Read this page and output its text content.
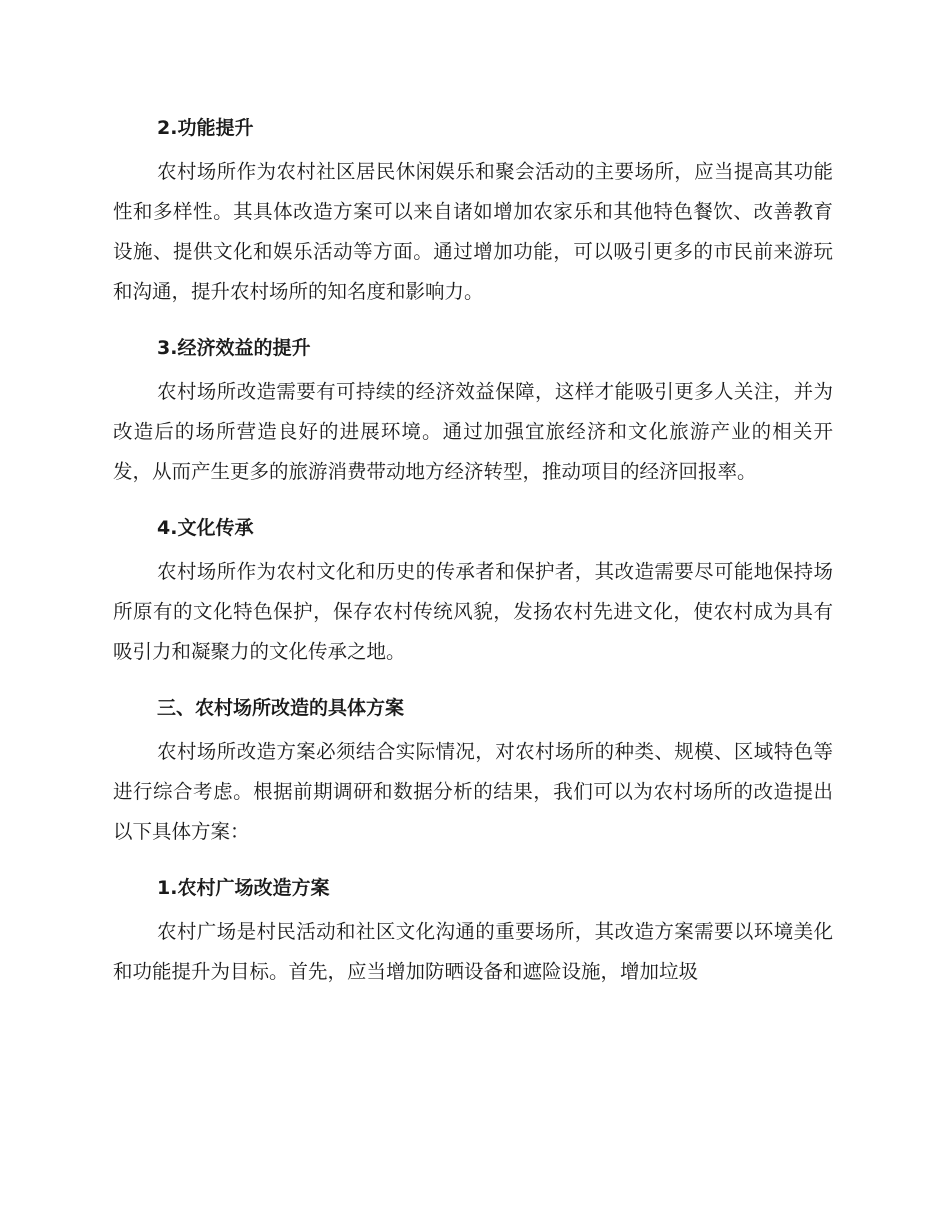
2.功能提升

农村场所作为农村社区居民休闲娱乐和聚会活动的主要场所，应当提高其功能性和多样性。其具体改造方案可以来自诸如增加农家乐和其他特色餐饮、改善教育设施、提供文化和娱乐活动等方面。通过增加功能，可以吸引更多的市民前来游玩和沟通，提升农村场所的知名度和影响力。

3.经济效益的提升

农村场所改造需要有可持续的经济效益保障，这样才能吸引更多人关注，并为改造后的场所营造良好的进展环境。通过加强宜旅经济和文化旅游产业的相关开发，从而产生更多的旅游消费带动地方经济转型，推动项目的经济回报率。

4.文化传承

农村场所作为农村文化和历史的传承者和保护者，其改造需要尽可能地保持场所原有的文化特色保护，保存农村传统风貌，发扬农村先进文化，使农村成为具有吸引力和凝聚力的文化传承之地。

三、农村场所改造的具体方案

农村场所改造方案必须结合实际情况，对农村场所的种类、规模、区域特色等进行综合考虑。根据前期调研和数据分析的结果，我们可以为农村场所的改造提出以下具体方案：

1.农村广场改造方案

农村广场是村民活动和社区文化沟通的重要场所，其改造方案需要以环境美化和功能提升为目标。首先，应当增加防晒设备和遮险设施，增加垃圾
